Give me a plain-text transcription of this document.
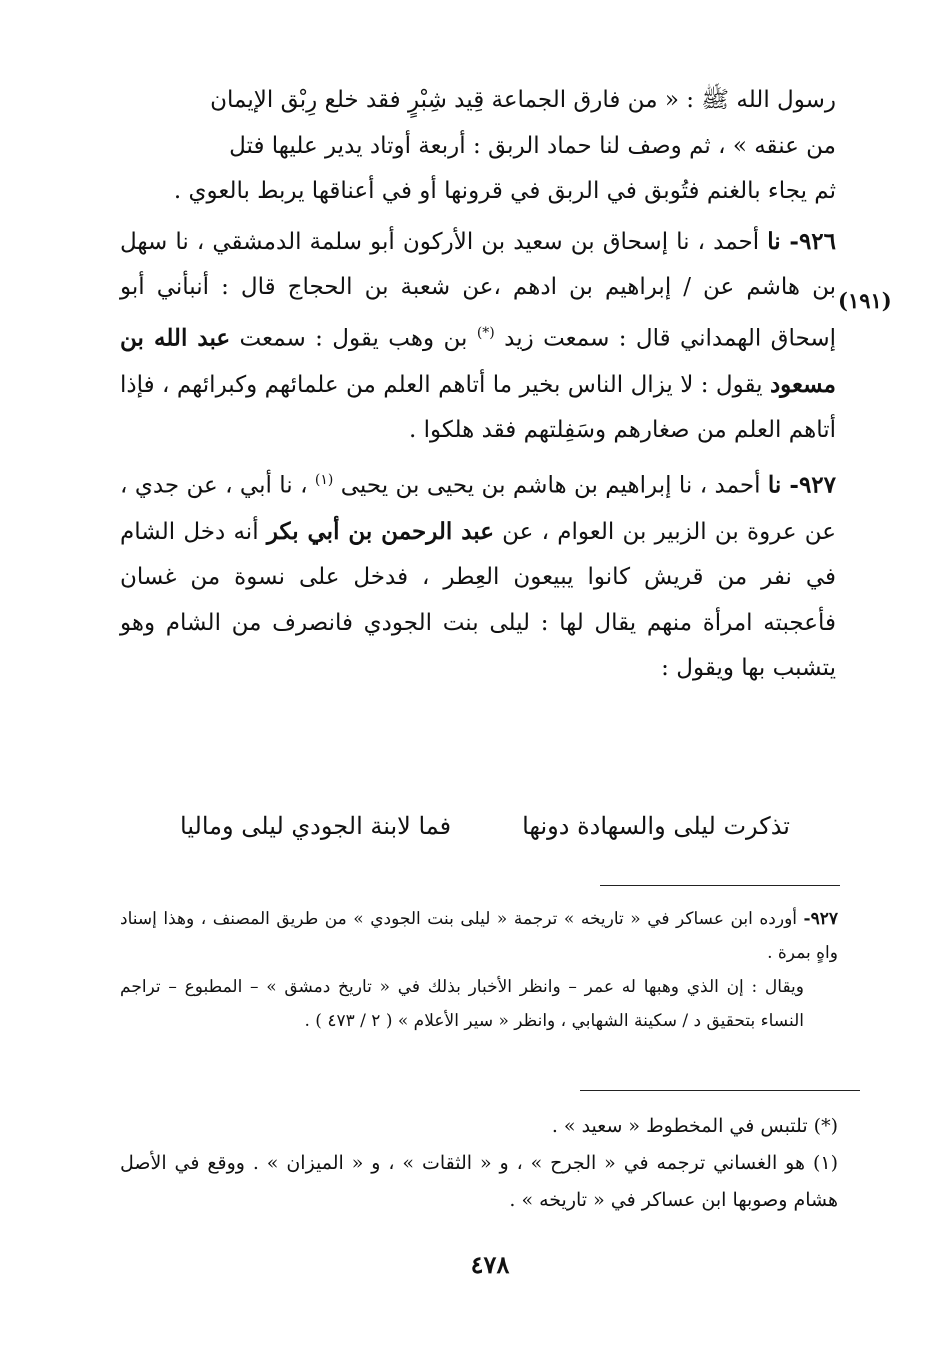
رسول الله ﷺ : « من فارق الجماعة قِيد شِبْرٍ فقد خلع رِبْق الإيمان

من عنقه » ، ثم وصف لنا حماد الربق : أربعة أوتاد يدير عليها فتل

ثم يجاء بالغنم فتُوبق في الربق في قرونها أو في أعناقها يربط بالعوي .

٩٢٦- نا أحمد ، نا إسحاق بن سعيد بن الأركون أبو سلمة الدمشقي ، نا سهل بن هاشم عن / إبراهيم بن ادهم ،عن شعبة بن الحجاج قال : أنبأني أبو إسحاق الهمداني قال : سمعت زيد (*) بن وهب يقول : سمعت عبد الله بن مسعود يقول : لا يزال الناس بخير ما أتاهم العلم من علمائهم وكبرائهم ، فإذا أتاهم العلم من صغارهم وسَفِلتهم فقد هلكوا .

٩٢٧- نا أحمد ، نا إبراهيم بن هاشم بن يحيى بن يحيى $^{(١)}$ ، نا أبي ، عن جدي ، عن عروة بن الزبير بن العوام ، عن عبد الرحمن بن أبي بكر أنه دخل الشام في نفر من قريش كانوا يبيعون العِطر ، فدخل على نسوة من غسان فأعجبته امرأة منهم يقال لها : ليلى بنت الجودي فانصرف من الشام وهو يتشبب بها ويقول :

(١٩١)
تذكرت ليلى والسهادة دونها
فما لابنة الجودي ليلى وماليا

٩٢٧- أورده ابن عساكر في « تاريخه » ترجمة « ليلى بنت الجودي » من طريق المصنف ، وهذا إسناد واهٍ بمرة .

ويقال : إن الذي وهبها له عمر – وانظر الأخبار بذلك في « تاريخ دمشق » – المطبوع – تراجم النساء بتحقيق د / سكينة الشهابي ، وانظر « سير الأعلام » ( ٢ / ٤٧٣ ) .

(*) تلتبس في المخطوط « سعيد » .

(١) هو الغساني ترجمه في « الجرح » ، و « الثقات » ، و « الميزان » . ووقع في الأصل هشام وصوبها ابن عساكر في « تاريخه » .

٤٧٨
